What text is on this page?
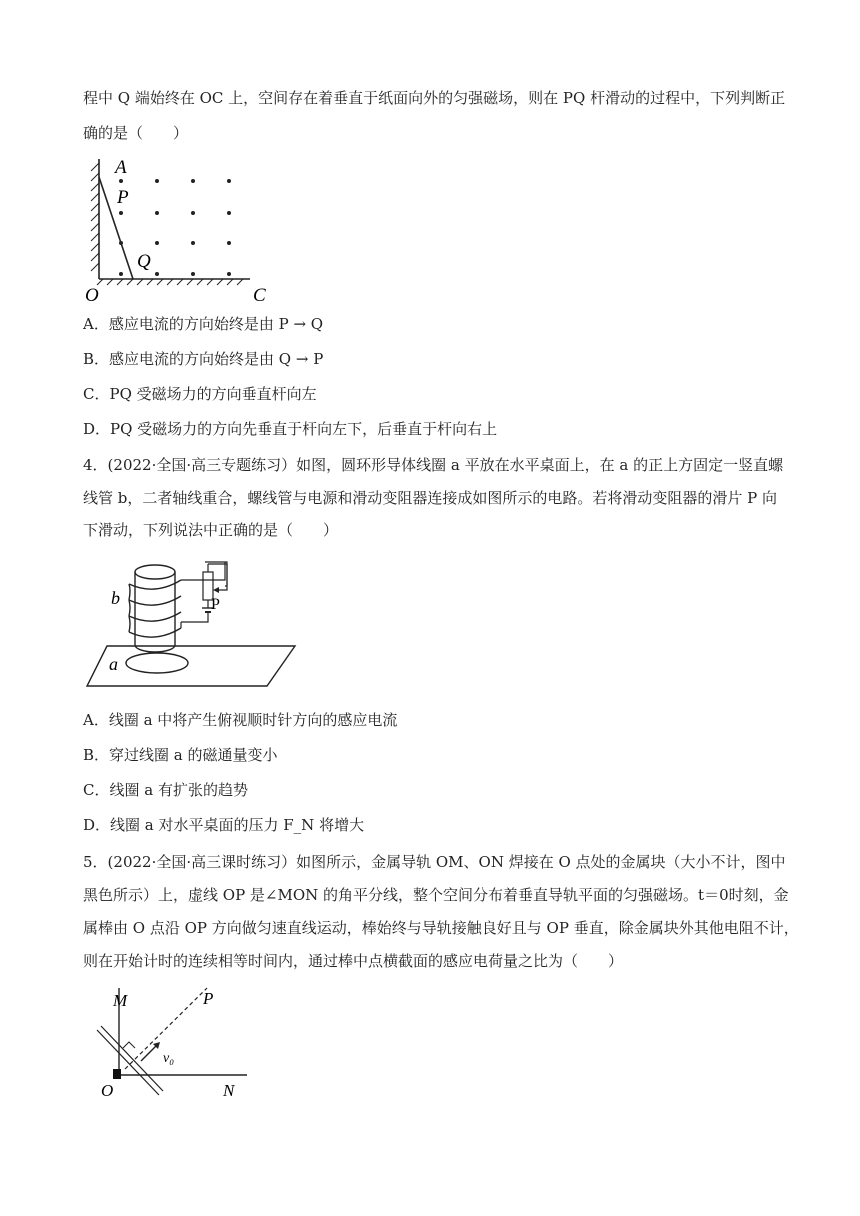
程中 Q 端始终在 OC 上，空间存在着垂直于纸面向外的匀强磁场，则在 PQ 杆滑动的过程中，下列判断正
确的是（　　）
A
P
Q
O	C
A．感应电流的方向始终是由 P → Q
B．感应电流的方向始终是由 Q → P
C．PQ 受磁场力的方向垂直杆向左
D．PQ 受磁场力的方向先垂直于杆向左下，后垂直于杆向右上
4．(2022·全国·高三专题练习）如图，圆环形导体线圈 a 平放在水平桌面上，在 a 的正上方固定一竖直螺
线管 b，二者轴线重合，螺线管与电源和滑动变阻器连接成如图所示的电路。若将滑动变阻器的滑片 P 向
下滑动，下列说法中正确的是（　　）
b
a
P
A．线圈 a 中将产生俯视顺时针方向的感应电流
B．穿过线圈 a 的磁通量变小
C．线圈 a 有扩张的趋势
D．线圈 a 对水平桌面的压力 F_N 将增大
5．(2022·全国·高三课时练习）如图所示，金属导轨 OM、ON 焊接在 O 点处的金属块（大小不计，图中
黑色所示）上，虚线 OP 是∠MON 的角平分线，整个空间分布着垂直导轨平面的匀强磁场。t＝0时刻，金
属棒由 O 点沿 OP 方向做匀速直线运动，棒始终与导轨接触良好且与 OP 垂直，除金属块外其他电阻不计，
则在开始计时的连续相等时间内，通过棒中点横截面的感应电荷量之比为（　　）
M	P
O	N
v₀
